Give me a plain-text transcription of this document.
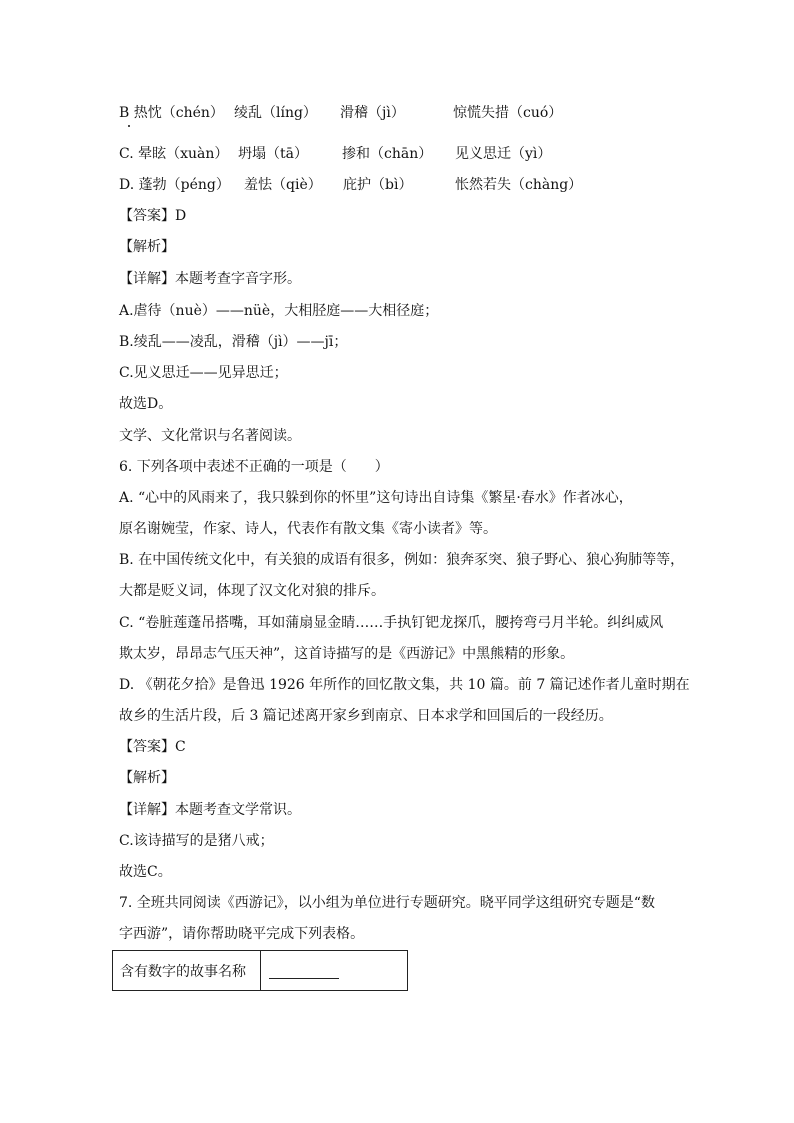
B 热忱（chén） 绫乱（líng） 滑稽（jì）	惊慌失措（cuó）
C. 晕眩（xuàn） 坍塌（tā） 掺和（chān） 见义思迁（yì）
D. 蓬勃（péng） 羞怯（qiè） 庇护（bì）	怅然若失（chàng）
【答案】D
【解析】
【详解】本题考查字音字形。
A.虐待（nuè）——nüè，大相胫庭——大相径庭；
B.绫乱——凌乱，滑稽（jì）——jī；
C.见义思迁——见异思迁；
故选D。
文学、文化常识与名著阅读。
6. 下列各项中表述不正确的一项是（　　）
A. “心中的风雨来了，我只躲到你的怀里”这句诗出自诗集《繁星·春水》作者冰心，
原名谢婉莹，作家、诗人，代表作有散文集《寄小读者》等。
B. 在中国传统文化中，有关狼的成语有很多，例如：狼奔豕突、狼子野心、狼心狗肺等等，
大都是贬义词，体现了汉文化对狼的排斥。
C. “卷脏莲蓬吊搭嘴，耳如蒲扇显金睛……手执钉钯龙探爪，腰挎弯弓月半轮。纠纠威风
欺太岁，昂昂志气压天神”，这首诗描写的是《西游记》中黑熊精的形象。
D. 《朝花夕拾》是鲁迅 1926 年所作的回忆散文集，共 10 篇。前 7 篇记述作者儿童时期在
故乡的生活片段，后 3 篇记述离开家乡到南京、日本求学和回国后的一段经历。
【答案】C
【解析】
【详解】本题考查文学常识。
C.该诗描写的是猪八戒；
故选C。
7. 全班共同阅读《西游记》，以小组为单位进行专题研究。晓平同学这组研究专题是“数
字西游”，请你帮助晓平完成下列表格。
含有数字的故事名称	
